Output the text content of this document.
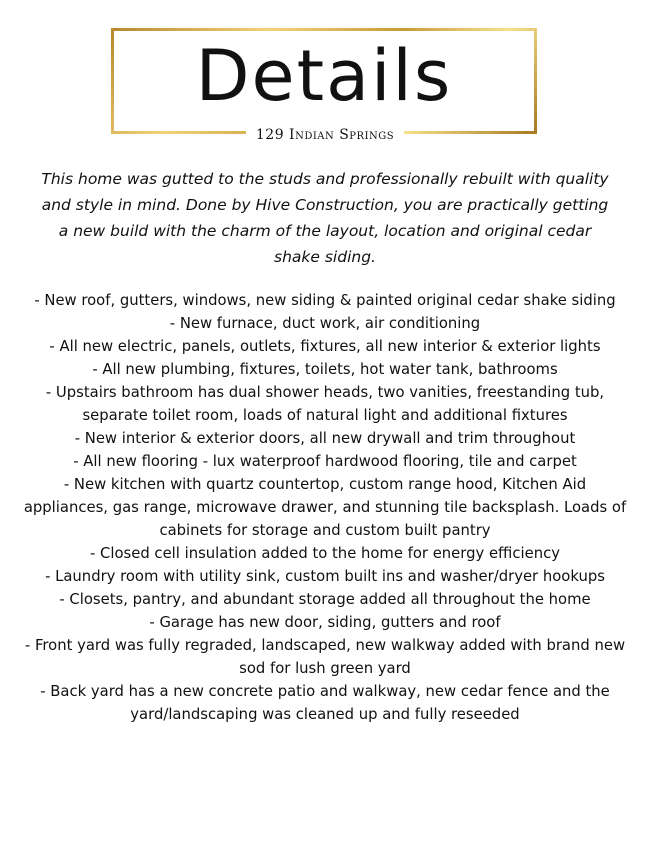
Details
129 Indian Springs

This home was gutted to the studs and professionally rebuilt with quality and style in mind. Done by Hive Construction, you are practically getting a new build with the charm of the layout, location and original cedar shake siding.

- New roof, gutters, windows, new siding & painted original cedar shake siding
- New furnace, duct work, air conditioning
- All new electric, panels, outlets, fixtures, all new interior & exterior lights
- All new plumbing, fixtures, toilets, hot water tank, bathrooms
- Upstairs bathroom has dual shower heads, two vanities, freestanding tub, separate toilet room, loads of natural light and additional fixtures
- New interior & exterior doors, all new drywall and trim throughout
- All new flooring - lux waterproof hardwood flooring, tile and carpet
- New kitchen with quartz countertop, custom range hood, Kitchen Aid appliances, gas range, microwave drawer, and stunning tile backsplash. Loads of cabinets for storage and custom built pantry
- Closed cell insulation added to the home for energy efficiency
- Laundry room with utility sink, custom built ins and washer/dryer hookups
- Closets, pantry, and abundant storage added all throughout the home
- Garage has new door, siding, gutters and roof
- Front yard was fully regraded, landscaped, new walkway added with brand new sod for lush green yard
- Back yard has a new concrete patio and walkway, new cedar fence and the yard/landscaping was cleaned up and fully reseeded
